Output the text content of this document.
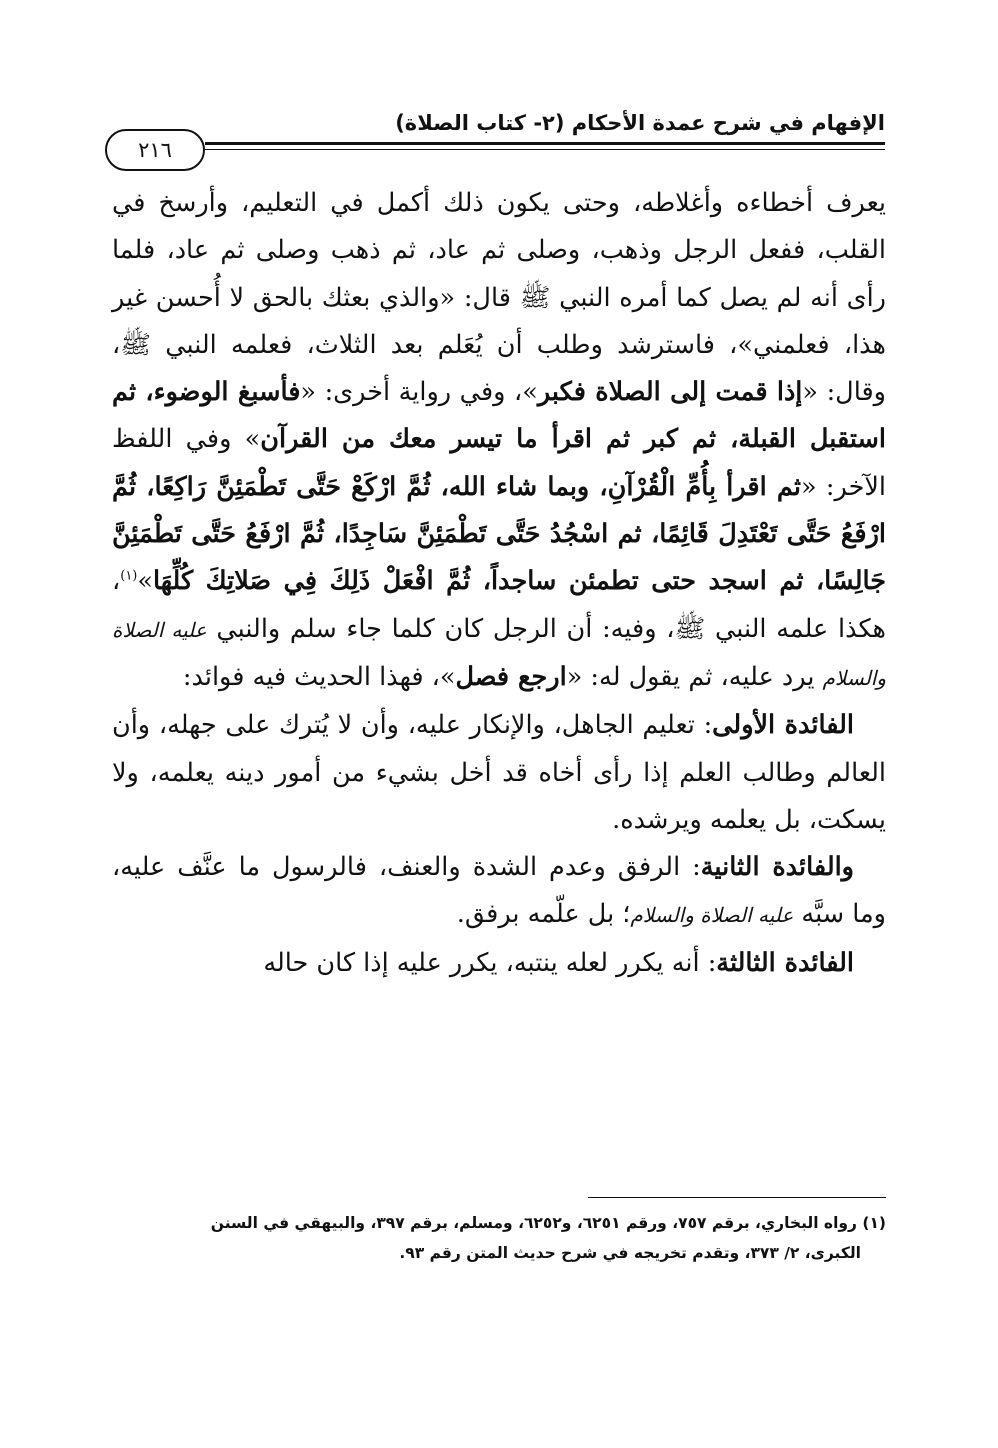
الإفهام في شرح عمدة الأحكام (٢- كتاب الصلاة)
٢١٦

يعرف أخطاءه وأغلاطه، وحتى يكون ذلك أكمل في التعليم، وأرسخ في القلب، ففعل الرجل وذهب، وصلى ثم عاد، ثم ذهب وصلى ثم عاد، فلما رأى أنه لم يصل كما أمره النبي ﷺ قال: «والذي بعثك بالحق لا أُحسن غير هذا، فعلمني»، فاسترشد وطلب أن يُعَلم بعد الثلاث، فعلمه النبي ﷺ، وقال: «إذا قمت إلى الصلاة فكبر»، وفي رواية أخرى: «فأسبغ الوضوء، ثم استقبل القبلة، ثم كبر ثم اقرأ ما تيسر معك من القرآن» وفي اللفظ الآخر: «ثم اقرأ بِأُمِّ الْقُرْآنِ، وبما شاء الله، ثُمَّ ارْكَعْ حَتَّى تَطْمَئِنَّ رَاكِعًا، ثُمَّ ارْفَعُ حَتَّى تَعْتَدِلَ قَائِمًا، ثم اسْجُدُ حَتَّى تَطْمَئِنَّ سَاجِدًا، ثُمَّ ارْفَعُ حَتَّى تَطْمَئِنَّ جَالِسًا، ثم اسجد حتى تطمئن ساجداً، ثُمَّ افْعَلْ ذَلِكَ فِي صَلاتِكَ كُلِّهَا»$^{(١)}$، هكذا علمه النبي ﷺ، وفيه: أن الرجل كان كلما جاء سلم والنبي عليه الصلاة والسلام يرد عليه، ثم يقول له: «ارجع فصل»، فهذا الحديث فيه فوائد:

الفائدة الأولى: تعليم الجاهل، والإنكار عليه، وأن لا يُترك على جهله، وأن العالم وطالب العلم إذا رأى أخاه قد أخل بشيء من أمور دينه يعلمه، ولا يسكت، بل يعلمه ويرشده.

والفائدة الثانية: الرفق وعدم الشدة والعنف، فالرسول ما عنَّف عليه، وما سبَّه عليه الصلاة والسلام؛ بل علّمه برفق.

الفائدة الثالثة: أنه يكرر لعله ينتبه، يكرر عليه إذا كان حاله

(١) رواه البخاري، برقم ٧٥٧، ورقم ٦٢٥١، و٦٢٥٢، ومسلم، برقم ٣٩٧، والبيهقي في السنن
الكبرى، ٢/ ٣٧٣، وتقدم تخريجه في شرح حديث المتن رقم ٩٣.
